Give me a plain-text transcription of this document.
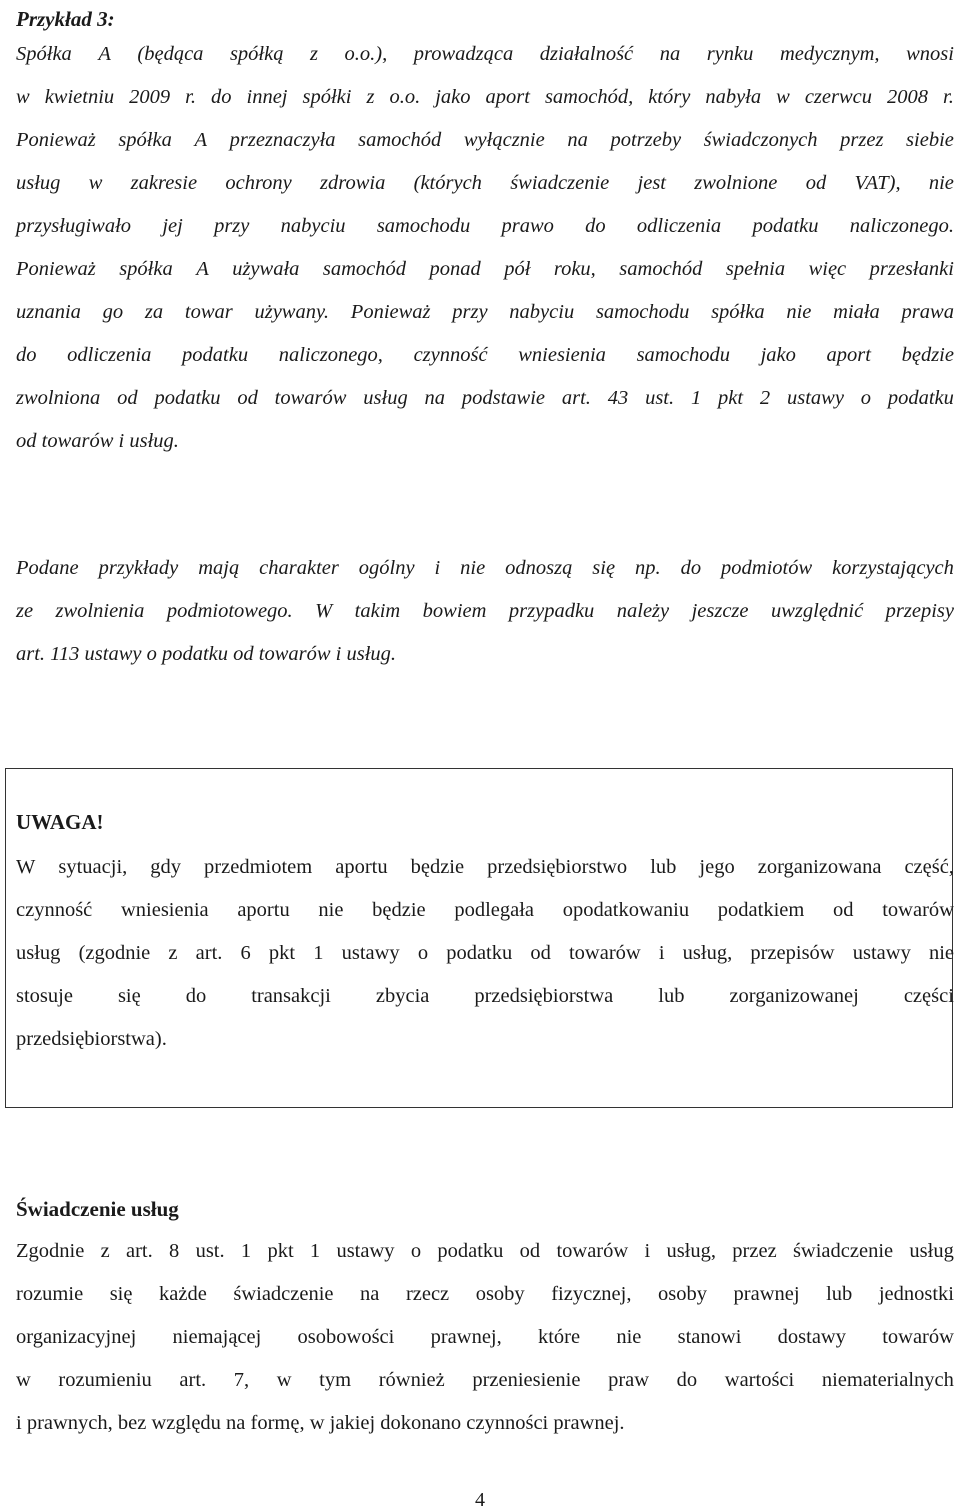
Przykład 3:
Spółka A (będąca spółką z o.o.), prowadząca działalność na rynku medycznym, wnosi
w kwietniu 2009 r. do innej spółki z o.o. jako aport samochód, który nabyła w czerwcu 2008 r.
Ponieważ spółka A przeznaczyła samochód wyłącznie na potrzeby świadczonych przez siebie
usług w zakresie ochrony zdrowia (których świadczenie jest zwolnione od VAT), nie
przysługiwało jej przy nabyciu samochodu prawo do odliczenia podatku naliczonego.
Ponieważ spółka A używała samochód ponad pół roku, samochód spełnia więc przesłanki
uznania go za towar używany. Ponieważ przy nabyciu samochodu spółka nie miała prawa
do odliczenia podatku naliczonego, czynność wniesienia samochodu jako aport będzie
zwolniona od podatku od towarów usług na podstawie art. 43 ust. 1 pkt 2 ustawy o podatku
od towarów i usług.
Podane przykłady mają charakter ogólny i nie odnoszą się np. do podmiotów korzystających
ze zwolnienia podmiotowego. W takim bowiem przypadku należy jeszcze uwzględnić przepisy
art. 113 ustawy o podatku od towarów i usług.
UWAGA!
W sytuacji, gdy przedmiotem aportu będzie przedsiębiorstwo lub jego zorganizowana część,
czynność wniesienia aportu nie będzie podlegała opodatkowaniu podatkiem od towarów
usług (zgodnie z art. 6 pkt 1 ustawy o podatku od towarów i usług, przepisów ustawy nie
stosuje się do transakcji zbycia przedsiębiorstwa lub zorganizowanej części
przedsiębiorstwa).
Świadczenie usług
Zgodnie z art. 8 ust. 1 pkt 1 ustawy o podatku od towarów i usług, przez świadczenie usług
rozumie się każde świadczenie na rzecz osoby fizycznej, osoby prawnej lub jednostki
organizacyjnej niemającej osobowości prawnej, które nie stanowi dostawy towarów
w rozumieniu art. 7, w tym również przeniesienie praw do wartości niematerialnych
i prawnych, bez względu na formę, w jakiej dokonano czynności prawnej.
4
